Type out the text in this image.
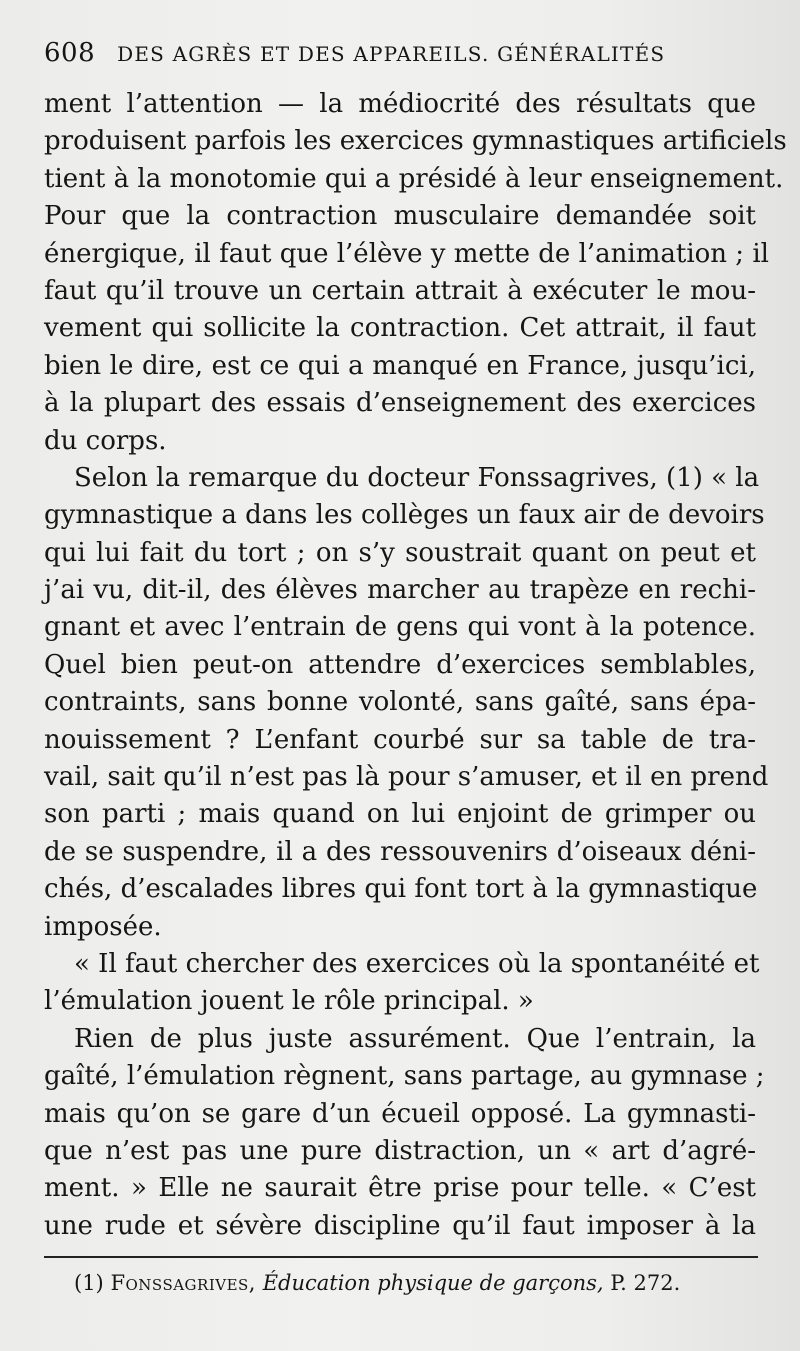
608 DES AGRÈS ET DES APPAREILS. GÉNÉRALITÉS
ment l’attention — la médiocrité des résultats que
produisent parfois les exercices gymnastiques artificiels
tient à la monotomie qui a présidé à leur enseignement.
Pour que la contraction musculaire demandée soit
énergique, il faut que l’élève y mette de l’animation ; il
faut qu’il trouve un certain attrait à exécuter le mou-
vement qui sollicite la contraction. Cet attrait, il faut
bien le dire, est ce qui a manqué en France, jusqu’ici,
à la plupart des essais d’enseignement des exercices
du corps.
Selon la remarque du docteur Fonssagrives, (1) « la
gymnastique a dans les collèges un faux air de devoirs
qui lui fait du tort ; on s’y soustrait quant on peut et
j’ai vu, dit-il, des élèves marcher au trapèze en rechi-
gnant et avec l’entrain de gens qui vont à la potence.
Quel bien peut-on attendre d’exercices semblables,
contraints, sans bonne volonté, sans gaîté, sans épa-
nouissement ? L’enfant courbé sur sa table de tra-
vail, sait qu’il n’est pas là pour s’amuser, et il en prend
son parti ; mais quand on lui enjoint de grimper ou
de se suspendre, il a des ressouvenirs d’oiseaux déni-
chés, d’escalades libres qui font tort à la gymnastique
imposée.
« Il faut chercher des exercices où la spontanéité et
l’émulation jouent le rôle principal. »
Rien de plus juste assurément. Que l’entrain, la
gaîté, l’émulation règnent, sans partage, au gymnase ;
mais qu’on se gare d’un écueil opposé. La gymnasti-
que n’est pas une pure distraction, un « art d’agré-
ment. » Elle ne saurait être prise pour telle. « C’est
une rude et sévère discipline qu’il faut imposer à la
(1) Fonssagrives, Éducation physique de garçons, P. 272.
